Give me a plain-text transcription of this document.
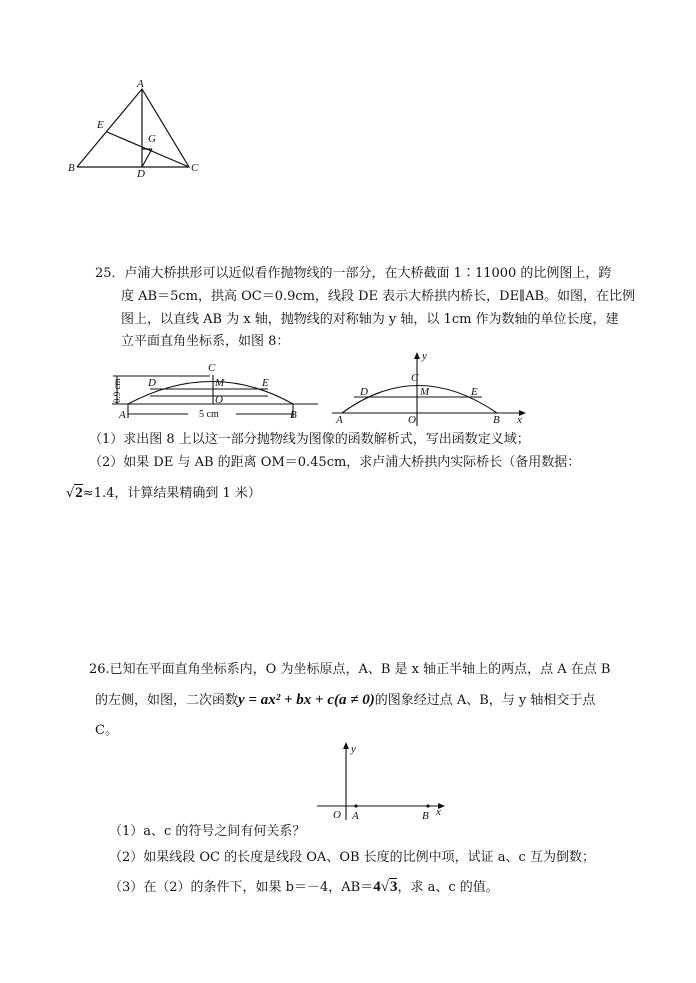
A
E
G
B	C
D
25．卢浦大桥拱形可以近似看作抛物线的一部分，在大桥截面 1∶11000 的比例图上，跨
度 AB＝5cm，拱高 OC＝0.9cm，线段 DE 表示大桥拱内桥长，DE∥AB。如图，在比例
图上，以直线 AB 为 x 轴，抛物线的对称轴为 y 轴，以 1cm 作为数轴的单位长度，建
立平面直角坐标系，如图 8：
C
D	M	E
O
A	B
0.9 cm
5 cm
y
C
D	M	E
A	O	B x
（1）求出图 8 上以这一部分抛物线为图像的函数解析式，写出函数定义域；
（2）如果 DE 与 AB 的距离 OM＝0.45cm，求卢浦大桥拱内实际桥长（备用数据：
√2≈1.4，计算结果精确到 1 米）
26.已知在平面直角坐标系内，O 为坐标原点，A、B 是 x 轴正半轴上的两点，点 A 在点 B
的左侧，如图，二次函数y = ax² + bx + c(a ≠ 0)的图象经过点 A、B，与 y 轴相交于点
C。
y
O A	B x
（1）a、c 的符号之间有何关系？
（2）如果线段 OC 的长度是线段 OA、OB 长度的比例中项，试证 a、c 互为倒数；
（3）在（2）的条件下，如果 b＝－4，AB＝4√3，求 a、c 的值。
